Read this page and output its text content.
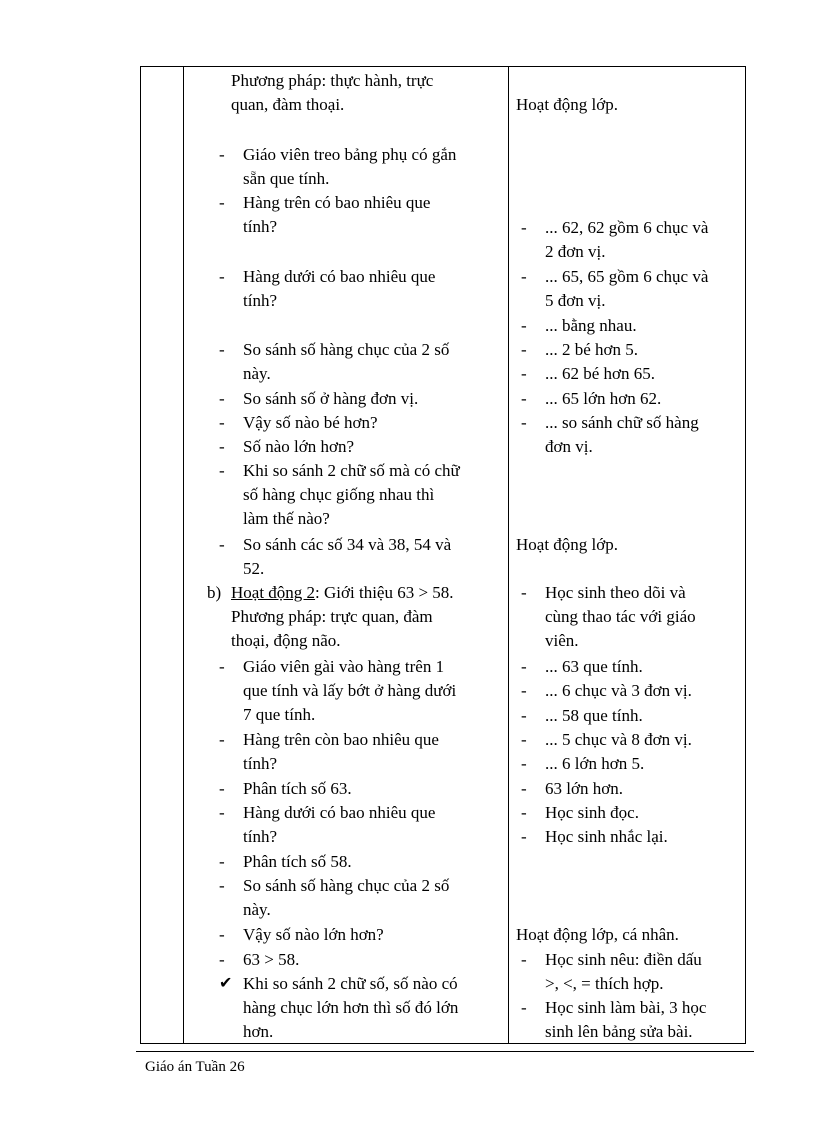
Phương pháp: thực hành, trực
quan, đàm thoại.
- Giáo viên treo bảng phụ có gắn
sẵn que tính.
- Hàng trên có bao nhiêu que
tính?
- Hàng dưới có bao nhiêu que
tính?
- So sánh số hàng chục của 2 số
này.
- So sánh số ở hàng đơn vị.
- Vậy số nào bé hơn?
- Số nào lớn hơn?
- Khi so sánh 2 chữ số mà có chữ
số hàng chục giống nhau thì
làm thế nào?
- So sánh các số 34 và 38, 54 và
52.
b) Hoạt động 2: Giới thiệu 63 > 58.
Phương pháp: trực quan, đàm
thoại, động não.
- Giáo viên gài vào hàng trên 1
que tính và lấy bớt ở hàng dưới
7 que tính.
- Hàng trên còn bao nhiêu que
tính?
- Phân tích số 63.
- Hàng dưới có bao nhiêu que
tính?
- Phân tích số 58.
- So sánh số hàng chục của 2 số
này.
- Vậy số nào lớn hơn?
- 63 > 58.
✔ Khi so sánh 2 chữ số, số nào có
hàng chục lớn hơn thì số đó lớn
hơn.
Hoạt động lớp.
- ... 62, 62 gồm 6 chục và
2 đơn vị.
- ... 65, 65 gồm 6 chục và
5 đơn vị.
- ... bằng nhau.
- ... 2 bé hơn 5.
- ... 62 bé hơn 65.
- ... 65 lớn hơn 62.
- ... so sánh chữ số hàng
đơn vị.
Hoạt động lớp.
- Học sinh theo dõi và
cùng thao tác với giáo
viên.
- ... 63 que tính.
- ... 6 chục và 3 đơn vị.
- ... 58 que tính.
- ... 5 chục và 8 đơn vị.
- ... 6 lớn hơn 5.
- 63 lớn hơn.
- Học sinh đọc.
- Học sinh nhắc lại.
Hoạt động lớp, cá nhân.
- Học sinh nêu: điền dấu
>, <, = thích hợp.
- Học sinh làm bài, 3 học
sinh lên bảng sửa bài.
Giáo án Tuần 26
